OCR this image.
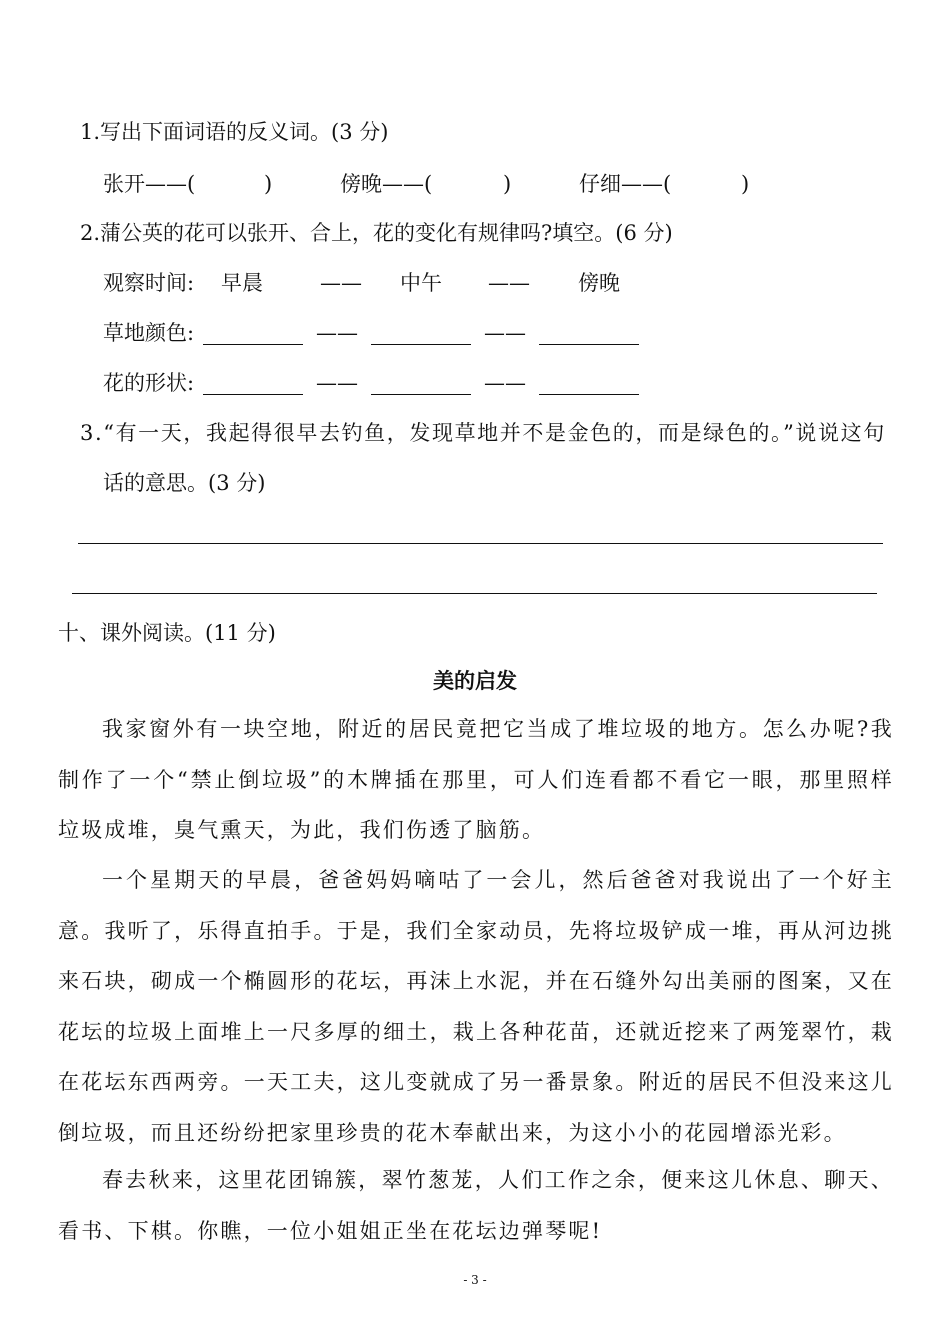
1.写出下面词语的反义词。(3 分)
张开——(	)	傍晚——(	)	仔细——(	)
2.蒲公英的花可以张开、合上，花的变化有规律吗?填空。(6 分)
观察时间: 早晨	—— 中午 —— 傍晚
草地颜色:	——	——
花的形状:	——	——
3.“有一天，我起得很早去钓鱼，发现草地并不是金色的，而是绿色的。”说说这句
话的意思。(3 分)
十、课外阅读。(11 分)
美的启发
我家窗外有一块空地，附近的居民竟把它当成了堆垃圾的地方。怎么办呢?我制作了一个“禁止倒垃圾”的木牌插在那里，可人们连看都不看它一眼，那里照样垃圾成堆，臭气熏天，为此，我们伤透了脑筋。
一个星期天的早晨，爸爸妈妈嘀咕了一会儿，然后爸爸对我说出了一个好主意。我听了，乐得直拍手。于是，我们全家动员，先将垃圾铲成一堆，再从河边挑来石块，砌成一个椭圆形的花坛，再沫上水泥，并在石缝外勾出美丽的图案，又在花坛的垃圾上面堆上一尺多厚的细土，栽上各种花苗，还就近挖来了两笼翠竹，栽在花坛东西两旁。一天工夫，这儿变就成了另一番景象。附近的居民不但没来这儿倒垃圾，而且还纷纷把家里珍贵的花木奉献出来，为这小小的花园增添光彩。
春去秋来，这里花团锦簇，翠竹葱茏，人们工作之余，便来这儿休息、聊天、看书、下棋。你瞧，一位小姐姐正坐在花坛边弹琴呢!
- 3 -
